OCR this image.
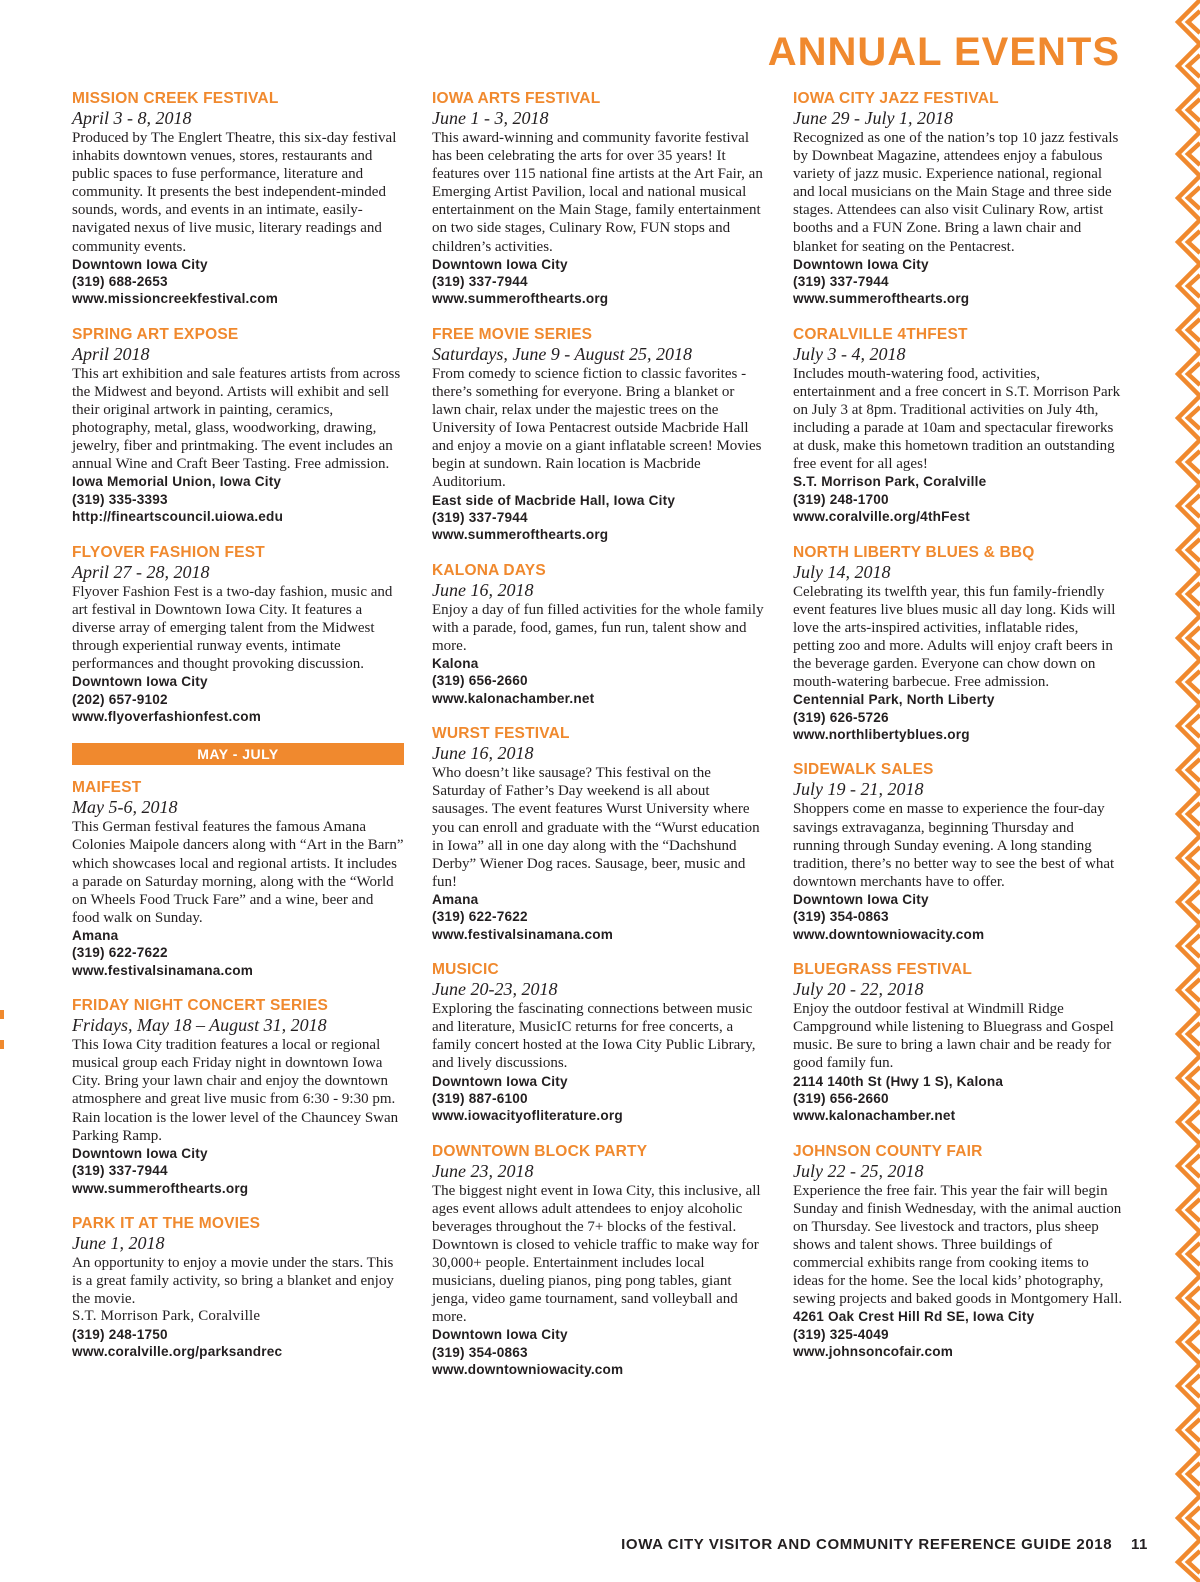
ANNUAL EVENTS
MISSION CREEK FESTIVAL
April 3 - 8, 2018
Produced by The Englert Theatre, this six-day festival inhabits downtown venues, stores, restaurants and public spaces to fuse performance, literature and community. It presents the best independent-minded sounds, words, and events in an intimate, easily-navigated nexus of live music, literary readings and community events.
Downtown Iowa City
(319) 688-2653
www.missioncreekfestival.com
SPRING ART EXPOSE
April 2018
This art exhibition and sale features artists from across the Midwest and beyond. Artists will exhibit and sell their original artwork in painting, ceramics, photography, metal, glass, woodworking, drawing, jewelry, fiber and printmaking. The event includes an annual Wine and Craft Beer Tasting. Free admission.
Iowa Memorial Union, Iowa City
(319) 335-3393
http://fineartscouncil.uiowa.edu
FLYOVER FASHION FEST
April 27 - 28, 2018
Flyover Fashion Fest is a two-day fashion, music and art festival in Downtown Iowa City. It features a diverse array of emerging talent from the Midwest through experiential runway events, intimate performances and thought provoking discussion.
Downtown Iowa City
(202) 657-9102
www.flyoverfashionfest.com
MAY - JULY
MAIFEST
May 5-6, 2018
This German festival features the famous Amana Colonies Maipole dancers along with “Art in the Barn” which showcases local and regional artists. It includes a parade on Saturday morning, along with the “World on Wheels Food Truck Fare” and a wine, beer and food walk on Sunday.
Amana
(319) 622-7622
www.festivalsinamana.com
FRIDAY NIGHT CONCERT SERIES
Fridays, May 18 – August 31, 2018
This Iowa City tradition features a local or regional musical group each Friday night in downtown Iowa City. Bring your lawn chair and enjoy the downtown atmosphere and great live music from 6:30 - 9:30 pm. Rain location is the lower level of the Chauncey Swan Parking Ramp.
Downtown Iowa City
(319) 337-7944
www.summerofthearts.org
PARK IT AT THE MOVIES
June 1, 2018
An opportunity to enjoy a movie under the stars. This is a great family activity, so bring a blanket and enjoy the movie.
S.T. Morrison Park, Coralville
(319) 248-1750
www.coralville.org/parksandrec
IOWA ARTS FESTIVAL
June 1 - 3, 2018
This award-winning and community favorite festival has been celebrating the arts for over 35 years! It features over 115 national fine artists at the Art Fair, an Emerging Artist Pavilion, local and national musical entertainment on the Main Stage, family entertainment on two side stages, Culinary Row, FUN stops and children’s activities.
Downtown Iowa City
(319) 337-7944
www.summerofthearts.org
FREE MOVIE SERIES
Saturdays, June 9 - August 25, 2018
From comedy to science fiction to classic favorites - there’s something for everyone. Bring a blanket or lawn chair, relax under the majestic trees on the University of Iowa Pentacrest outside Macbride Hall and enjoy a movie on a giant inflatable screen! Movies begin at sundown. Rain location is Macbride Auditorium.
East side of Macbride Hall, Iowa City
(319) 337-7944
www.summerofthearts.org
KALONA DAYS
June 16, 2018
Enjoy a day of fun filled activities for the whole family with a parade, food, games, fun run, talent show and more.
Kalona
(319) 656-2660
www.kalonachamber.net
WURST FESTIVAL
June 16, 2018
Who doesn’t like sausage? This festival on the Saturday of Father’s Day weekend is all about sausages. The event features Wurst University where you can enroll and graduate with the “Wurst education in Iowa” all in one day along with the “Dachshund Derby” Wiener Dog races. Sausage, beer, music and fun!
Amana
(319) 622-7622
www.festivalsinamana.com
MUSICIC
June 20-23, 2018
Exploring the fascinating connections between music and literature, MusicIC returns for free concerts, a family concert hosted at the Iowa City Public Library, and lively discussions.
Downtown Iowa City
(319) 887-6100
www.iowacityofliterature.org
DOWNTOWN BLOCK PARTY
June 23, 2018
The biggest night event in Iowa City, this inclusive, all ages event allows adult attendees to enjoy alcoholic beverages throughout the 7+ blocks of the festival. Downtown is closed to vehicle traffic to make way for 30,000+ people. Entertainment includes local musicians, dueling pianos, ping pong tables, giant jenga, video game tournament, sand volleyball and more.
Downtown Iowa City
(319) 354-0863
www.downtowniowacity.com
IOWA CITY JAZZ FESTIVAL
June 29 - July 1, 2018
Recognized as one of the nation’s top 10 jazz festivals by Downbeat Magazine, attendees enjoy a fabulous variety of jazz music. Experience national, regional and local musicians on the Main Stage and three side stages. Attendees can also visit Culinary Row, artist booths and a FUN Zone. Bring a lawn chair and blanket for seating on the Pentacrest.
Downtown Iowa City
(319) 337-7944
www.summerofthearts.org
CORALVILLE 4THFEST
July 3 - 4, 2018
Includes mouth-watering food, activities, entertainment and a free concert in S.T. Morrison Park on July 3 at 8pm. Traditional activities on July 4th, including a parade at 10am and spectacular fireworks at dusk, make this hometown tradition an outstanding free event for all ages!
S.T. Morrison Park, Coralville
(319) 248-1700
www.coralville.org/4thFest
NORTH LIBERTY BLUES & BBQ
July 14, 2018
Celebrating its twelfth year, this fun family-friendly event features live blues music all day long. Kids will love the arts-inspired activities, inflatable rides, petting zoo and more. Adults will enjoy craft beers in the beverage garden. Everyone can chow down on mouth-watering barbecue. Free admission.
Centennial Park, North Liberty
(319) 626-5726
www.northlibertyblues.org
SIDEWALK SALES
July 19 - 21, 2018
Shoppers come en masse to experience the four-day savings extravaganza, beginning Thursday and running through Sunday evening. A long standing tradition, there’s no better way to see the best of what downtown merchants have to offer.
Downtown Iowa City
(319) 354-0863
www.downtowniowacity.com
BLUEGRASS FESTIVAL
July 20 - 22, 2018
Enjoy the outdoor festival at Windmill Ridge Campground while listening to Bluegrass and Gospel music. Be sure to bring a lawn chair and be ready for good family fun.
2114 140th St (Hwy 1 S), Kalona
(319) 656-2660
www.kalonachamber.net
JOHNSON COUNTY FAIR
July 22 - 25, 2018
Experience the free fair. This year the fair will begin Sunday and finish Wednesday, with the animal auction on Thursday. See livestock and tractors, plus sheep shows and talent shows. Three buildings of commercial exhibits range from cooking items to ideas for the home. See the local kids’ photography, sewing projects and baked goods in Montgomery Hall.
4261 Oak Crest Hill Rd SE, Iowa City
(319) 325-4049
www.johnsoncofair.com
IOWA CITY VISITOR AND COMMUNITY REFERENCE GUIDE 2018 11
